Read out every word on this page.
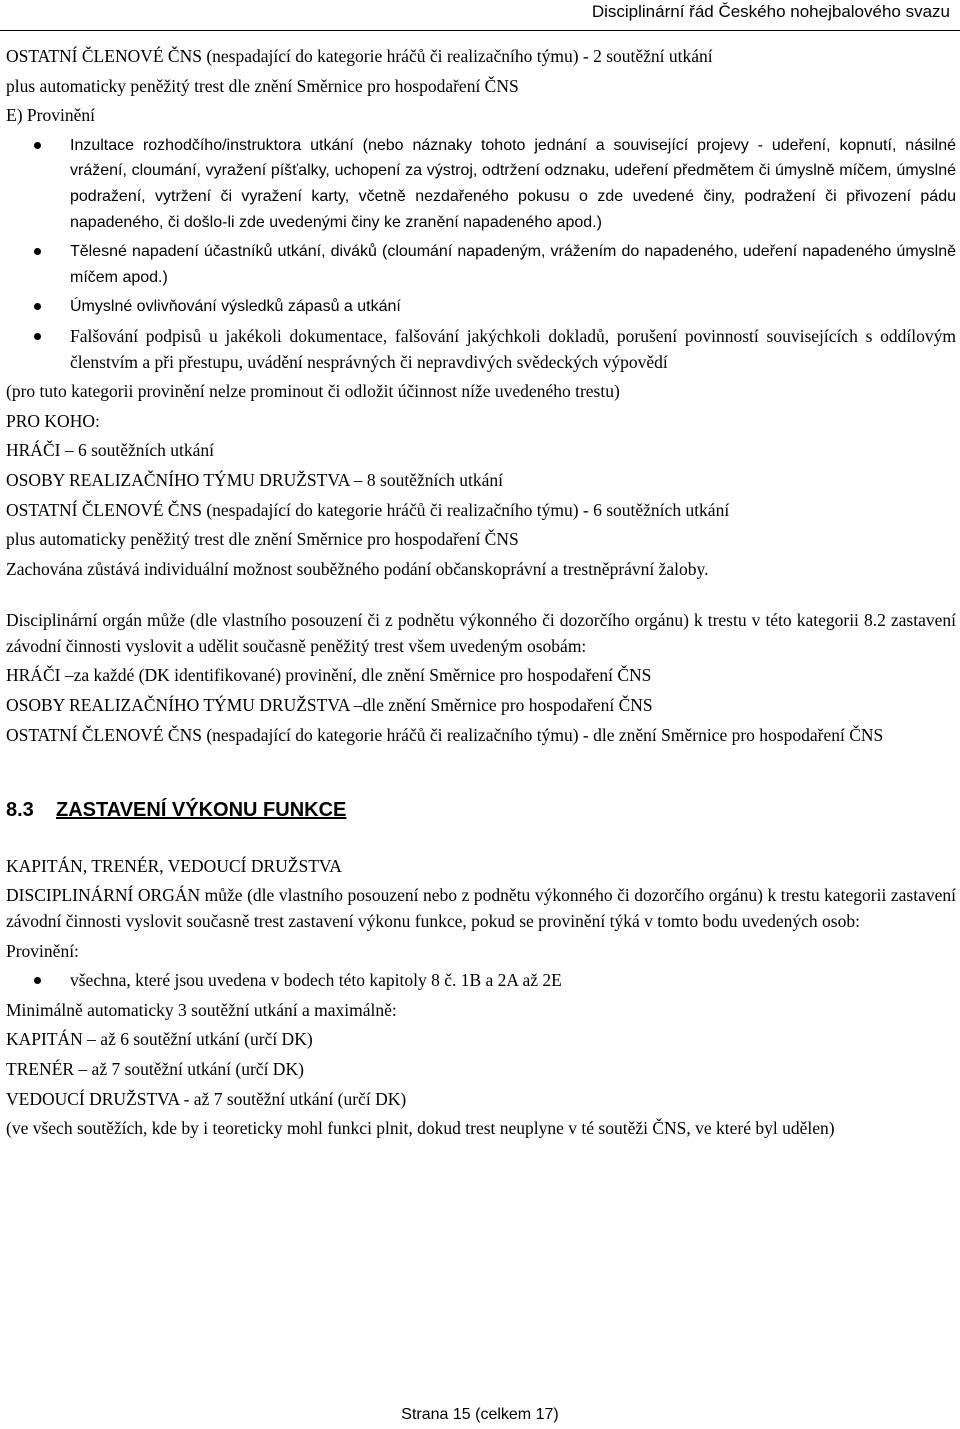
Disciplinární řád Českého nohejbalového svazu

OSTATNÍ ČLENOVÉ ČNS (nespadající do kategorie hráčů či realizačního týmu) - 2 soutěžní utkání

plus automaticky peněžitý trest dle znění Směrnice pro hospodaření ČNS

E) Provinění

Inzultace rozhodčího/instruktora utkání (nebo náznaky tohoto jednání a související projevy - udeření, kopnutí, násilné vrážení, cloumání, vyražení píšťalky, uchopení za výstroj, odtržení odznaku, udeření předmětem či úmyslně míčem, úmyslné podražení, vytržení či vyražení karty, včetně nezdařeného pokusu o zde uvedené činy, podražení či přivození pádu napadeného, či došlo-li zde uvedenými činy ke zranění napadeného apod.)
Tělesné napadení účastníků utkání, diváků (cloumání napadeným, vrážením do napadeného, udeření napadeného úmyslně míčem apod.)
Úmyslné ovlivňování výsledků zápasů a utkání
Falšování podpisů u jakékoli dokumentace, falšování jakýchkoli dokladů, porušení povinností souvisejících s oddílovým členstvím a při přestupu, uvádění nesprávných či nepravdivých svědeckých výpovědí

(pro tuto kategorii provinění nelze prominout či odložit účinnost níže uvedeného trestu)

PRO KOHO:

HRÁČI – 6 soutěžních utkání

OSOBY REALIZAČNÍHO TÝMU DRUŽSTVA – 8 soutěžních utkání

OSTATNÍ ČLENOVÉ ČNS (nespadající do kategorie hráčů či realizačního týmu) - 6 soutěžních utkání

plus automaticky peněžitý trest dle znění Směrnice pro hospodaření ČNS

Zachována zůstává individuální možnost souběžného podání občanskoprávní a trestněprávní žaloby.

Disciplinární orgán může (dle vlastního posouzení či z podnětu výkonného či dozorčího orgánu) k trestu v této kategorii 8.2 zastavení závodní činnosti vyslovit a udělit současně peněžitý trest všem uvedeným osobám:

HRÁČI –za každé (DK identifikované) provinění, dle znění Směrnice pro hospodaření ČNS

OSOBY REALIZAČNÍHO TÝMU DRUŽSTVA –dle znění Směrnice pro hospodaření ČNS

OSTATNÍ ČLENOVÉ ČNS (nespadající do kategorie hráčů či realizačního týmu) - dle znění Směrnice pro hospodaření ČNS

8.3 ZASTAVENÍ VÝKONU FUNKCE

KAPITÁN, TRENÉR, VEDOUCÍ DRUŽSTVA

DISCIPLINÁRNÍ ORGÁN může (dle vlastního posouzení nebo z podnětu výkonného či dozorčího orgánu) k trestu kategorii zastavení závodní činnosti vyslovit současně trest zastavení výkonu funkce, pokud se provinění týká v tomto bodu uvedených osob:

Provinění:

všechna, které jsou uvedena v bodech této kapitoly 8 č. 1B a 2A až 2E

Minimálně automaticky 3 soutěžní utkání a maximálně:

KAPITÁN – až 6 soutěžní utkání (určí DK)

TRENÉR – až 7 soutěžní utkání (určí DK)

VEDOUCÍ DRUŽSTVA - až 7 soutěžní utkání (určí DK)

(ve všech soutěžích, kde by i teoreticky mohl funkci plnit, dokud trest neuplyne v té soutěži ČNS, ve které byl udělen)

Strana 15 (celkem 17)
